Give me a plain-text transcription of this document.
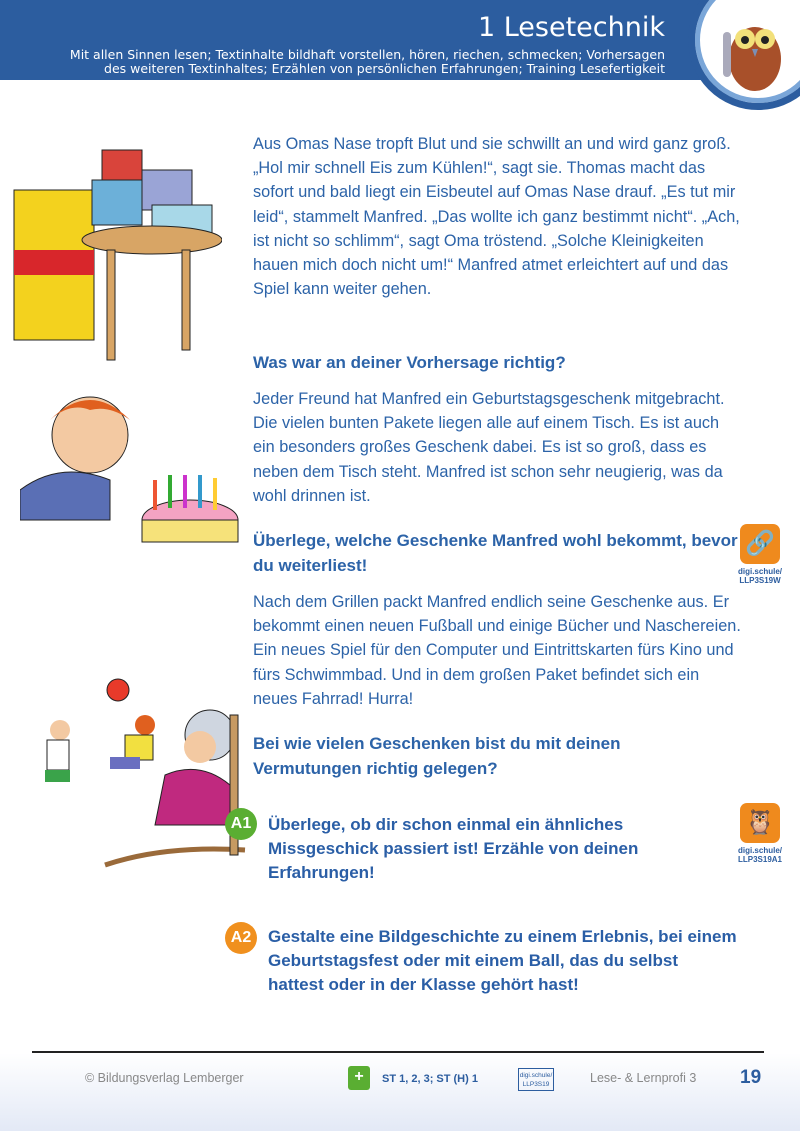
1 Lesetechnik
Mit allen Sinnen lesen; Textinhalte bildhaft vorstellen, hören, riechen, schmecken; Vorhersagen
des weiteren Textinhaltes; Erzählen von persönlichen Erfahrungen; Training Lesefertigkeit
Aus Omas Nase tropft Blut und sie schwillt an und wird ganz groß. „Hol mir schnell Eis zum Kühlen!“, sagt sie. Thomas macht das sofort und bald liegt ein Eisbeutel auf Omas Nase drauf. „Es tut mir leid“, stammelt Manfred. „Das wollte ich ganz bestimmt nicht“. „Ach, ist nicht so schlimm“, sagt Oma tröstend. „Solche Kleinigkeiten hauen mich doch nicht um!“ Manfred atmet erleichtert auf und das Spiel kann weiter gehen.
Was war an deiner Vorhersage richtig?
Jeder Freund hat Manfred ein Geburtstagsgeschenk mitgebracht. Die vielen bunten Pakete liegen alle auf einem Tisch. Es ist auch ein besonders großes Geschenk dabei. Es ist so groß, dass es neben dem Tisch steht. Manfred ist schon sehr neugierig, was da wohl drinnen ist.
Überlege, welche Geschenke Manfred wohl bekommt, bevor du weiterliest!
Nach dem Grillen packt Manfred endlich seine Geschenke aus. Er bekommt einen neuen Fußball und einige Bücher und Naschereien. Ein neues Spiel für den Computer und Eintrittskarten fürs Kino und fürs Schwimmbad. Und in dem großen Paket befindet sich ein neues Fahrrad! Hurra!
Bei wie vielen Geschenken bist du mit deinen Vermutungen richtig gelegen?
A1 Überlege, ob dir schon einmal ein ähnliches Missgeschick passiert ist! Erzähle von deinen Erfahrungen!
A2 Gestalte eine Bildgeschichte zu einem Erlebnis, bei einem Geburtstagsfest oder mit einem Ball, das du selbst hattest oder in der Klasse gehört hast!
🔗
digi.schule/
LLP3S19W
🦉
digi.schule/
LLP3S19A1
© Bildungsverlag Lemberger	+	ST 1, 2, 3; ST (H) 1	digi.schule/
LLP3S19	Lese- & Lernprofi 3 19
